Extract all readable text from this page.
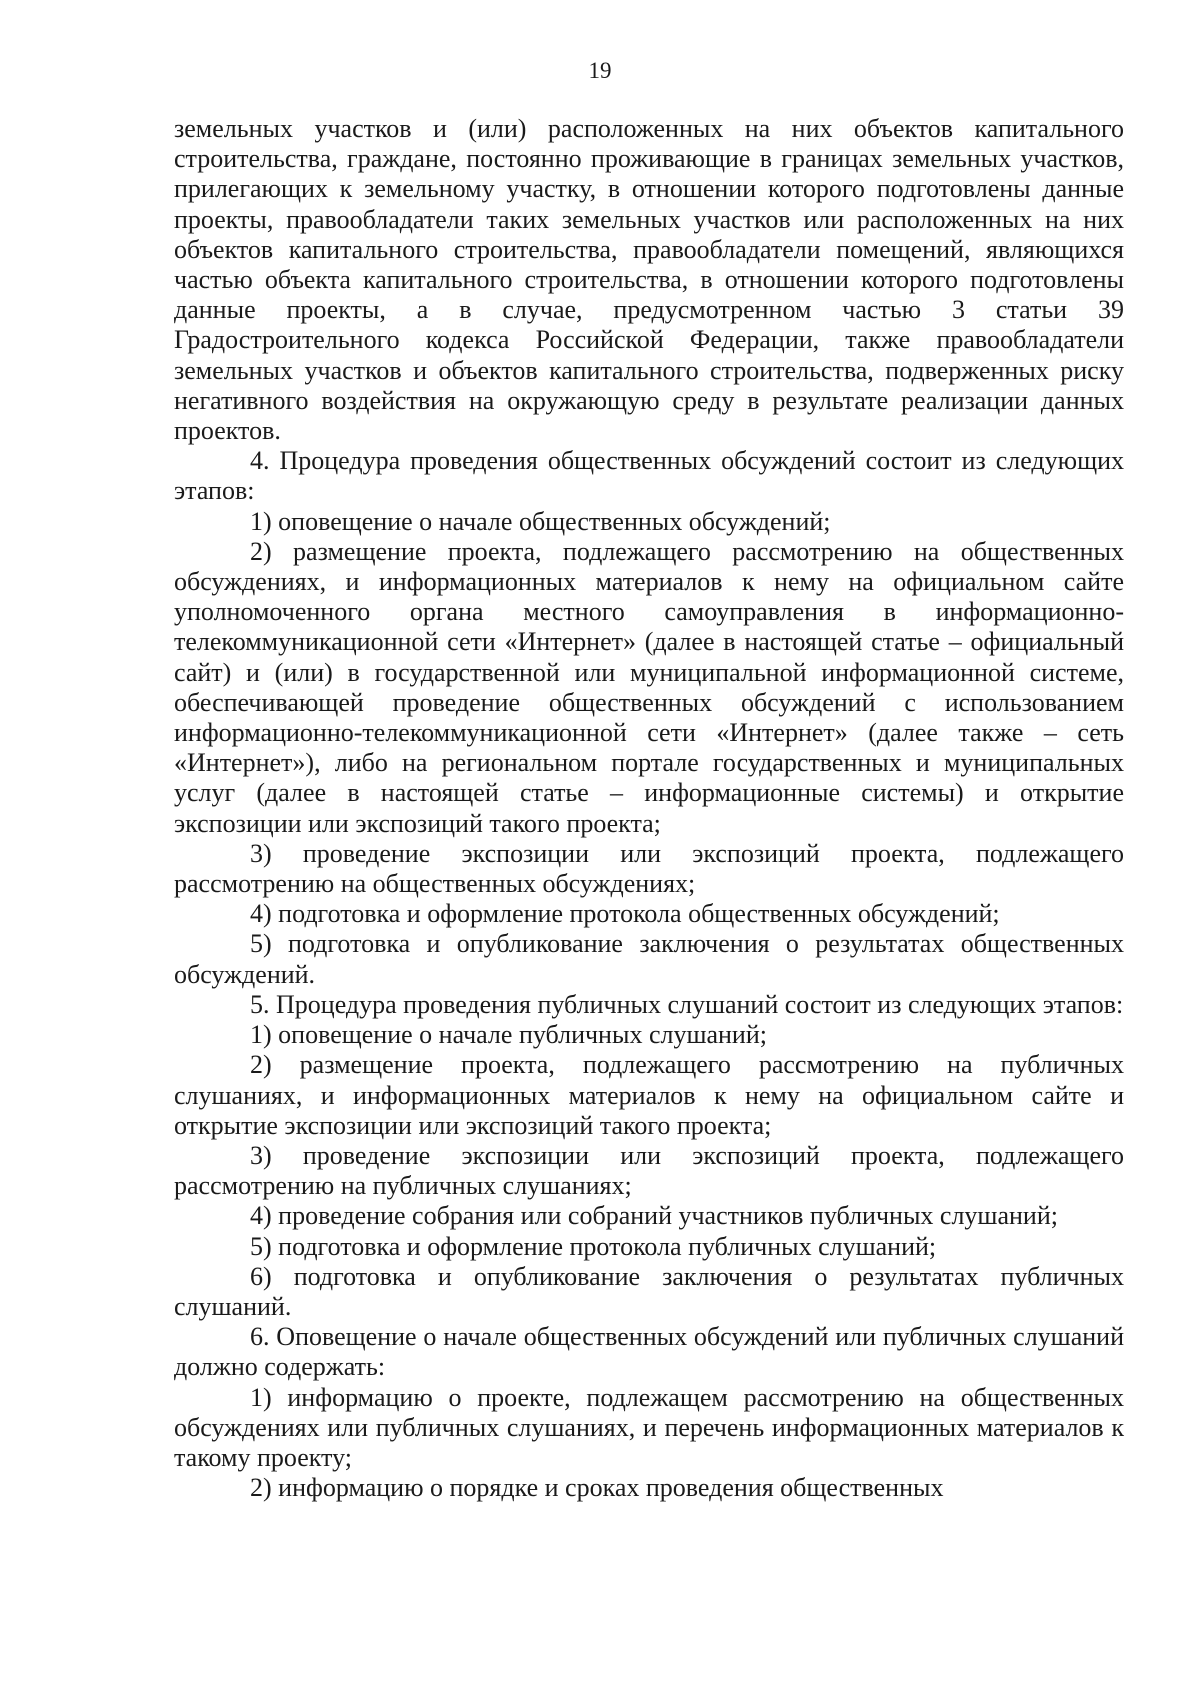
19

земельных участков и (или) расположенных на них объектов капитального строительства, граждане, постоянно проживающие в границах земельных участков, прилегающих к земельному участку, в отношении которого подготовлены данные проекты, правообладатели таких земельных участков или расположенных на них объектов капитального строительства, правообладатели помещений, являющихся частью объекта капитального строительства, в отношении которого подготовлены данные проекты, а в случае, предусмотренном частью 3 статьи 39 Градостроительного кодекса Российской Федерации, также правообладатели земельных участков и объектов капитального строительства, подверженных риску негативного воздействия на окружающую среду в результате реализации данных проектов.

4. Процедура проведения общественных обсуждений состоит из следующих этапов:

1) оповещение о начале общественных обсуждений;

2) размещение проекта, подлежащего рассмотрению на общественных обсуждениях, и информационных материалов к нему на официальном сайте уполномоченного органа местного самоуправления в информационно-телекоммуникационной сети «Интернет» (далее в настоящей статье – официальный сайт) и (или) в государственной или муниципальной информационной системе, обеспечивающей проведение общественных обсуждений с использованием информационно-телекоммуникационной сети «Интернет» (далее также – сеть «Интернет»), либо на региональном портале государственных и муниципальных услуг (далее в настоящей статье – информационные системы) и открытие экспозиции или экспозиций такого проекта;

3) проведение экспозиции или экспозиций проекта, подлежащего рассмотрению на общественных обсуждениях;

4) подготовка и оформление протокола общественных обсуждений;

5) подготовка и опубликование заключения о результатах общественных обсуждений.

5. Процедура проведения публичных слушаний состоит из следующих этапов:

1) оповещение о начале публичных слушаний;

2) размещение проекта, подлежащего рассмотрению на публичных слушаниях, и информационных материалов к нему на официальном сайте и открытие экспозиции или экспозиций такого проекта;

3) проведение экспозиции или экспозиций проекта, подлежащего рассмотрению на публичных слушаниях;

4) проведение собрания или собраний участников публичных слушаний;

5) подготовка и оформление протокола публичных слушаний;

6) подготовка и опубликование заключения о результатах публичных слушаний.

6. Оповещение о начале общественных обсуждений или публичных слушаний должно содержать:

1) информацию о проекте, подлежащем рассмотрению на общественных обсуждениях или публичных слушаниях, и перечень информационных материалов к такому проекту;

2) информацию о порядке и сроках проведения общественных
